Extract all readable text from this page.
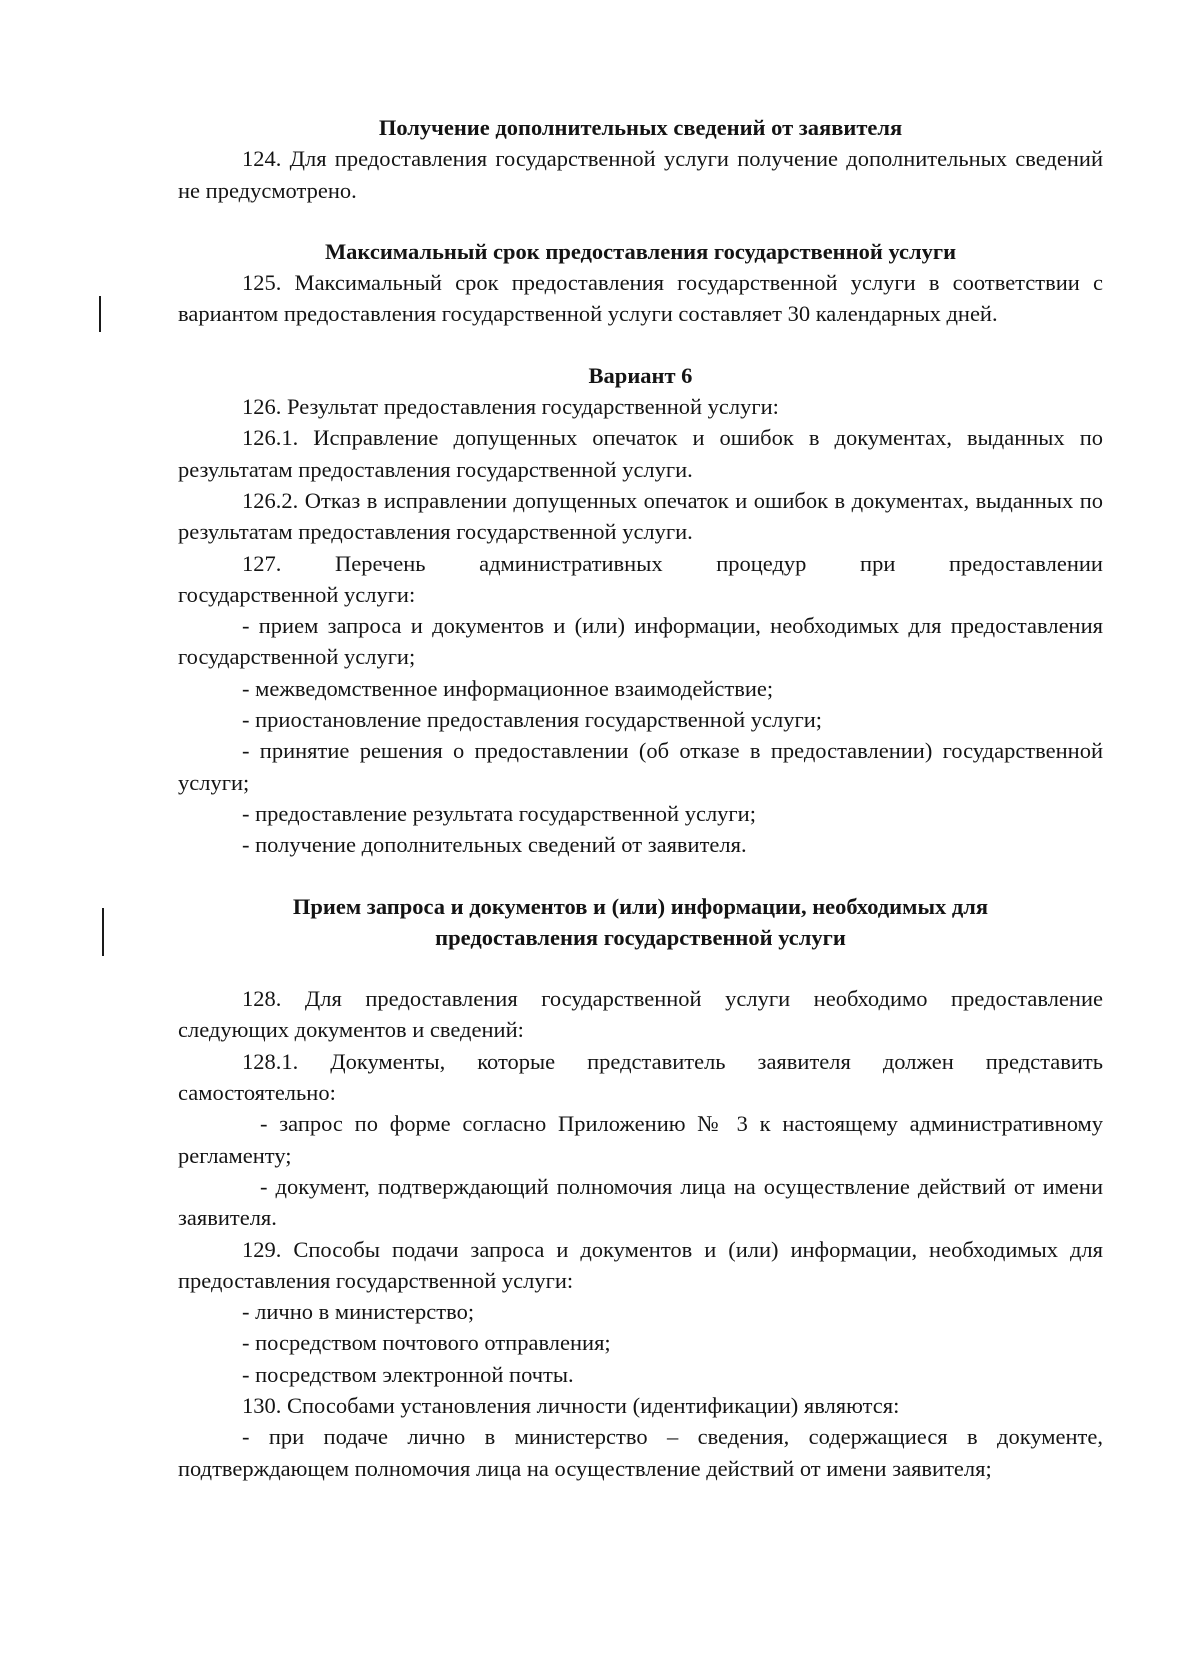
Получение дополнительных сведений от заявителя

124. Для предоставления государственной услуги получение дополнительных сведений не предусмотрено.

Максимальный срок предоставления государственной услуги

125. Максимальный срок предоставления государственной услуги в соответствии с вариантом предоставления государственной услуги составляет 30 календарных дней.

Вариант 6

126. Результат предоставления государственной услуги:

126.1. Исправление допущенных опечаток и ошибок в документах, выданных по результатам предоставления государственной услуги.

126.2. Отказ в исправлении допущенных опечаток и ошибок в документах, выданных по результатам предоставления государственной услуги.

127. Перечень административных процедур при предоставлении
государственной услуги:

- прием запроса и документов и (или) информации, необходимых для предоставления государственной услуги;

- межведомственное информационное взаимодействие;

- приостановление предоставления государственной услуги;

- принятие решения о предоставлении (об отказе в предоставлении) государственной услуги;

- предоставление результата государственной услуги;

- получение дополнительных сведений от заявителя.

Прием запроса и документов и (или) информации, необходимых для
предоставления государственной услуги

128. Для предоставления государственной услуги необходимо предоставление следующих документов и сведений:

128.1. Документы, которые представитель заявителя должен представить самостоятельно:

- запрос по форме согласно Приложению № 3 к настоящему административному регламенту;

- документ, подтверждающий полномочия лица на осуществление действий от имени заявителя.

129. Способы подачи запроса и документов и (или) информации, необходимых для предоставления государственной услуги:

- лично в министерство;

- посредством почтового отправления;

- посредством электронной почты.

130. Способами установления личности (идентификации) являются:

- при подаче лично в министерство – сведения, содержащиеся в документе, подтверждающем полномочия лица на осуществление действий от имени заявителя;
